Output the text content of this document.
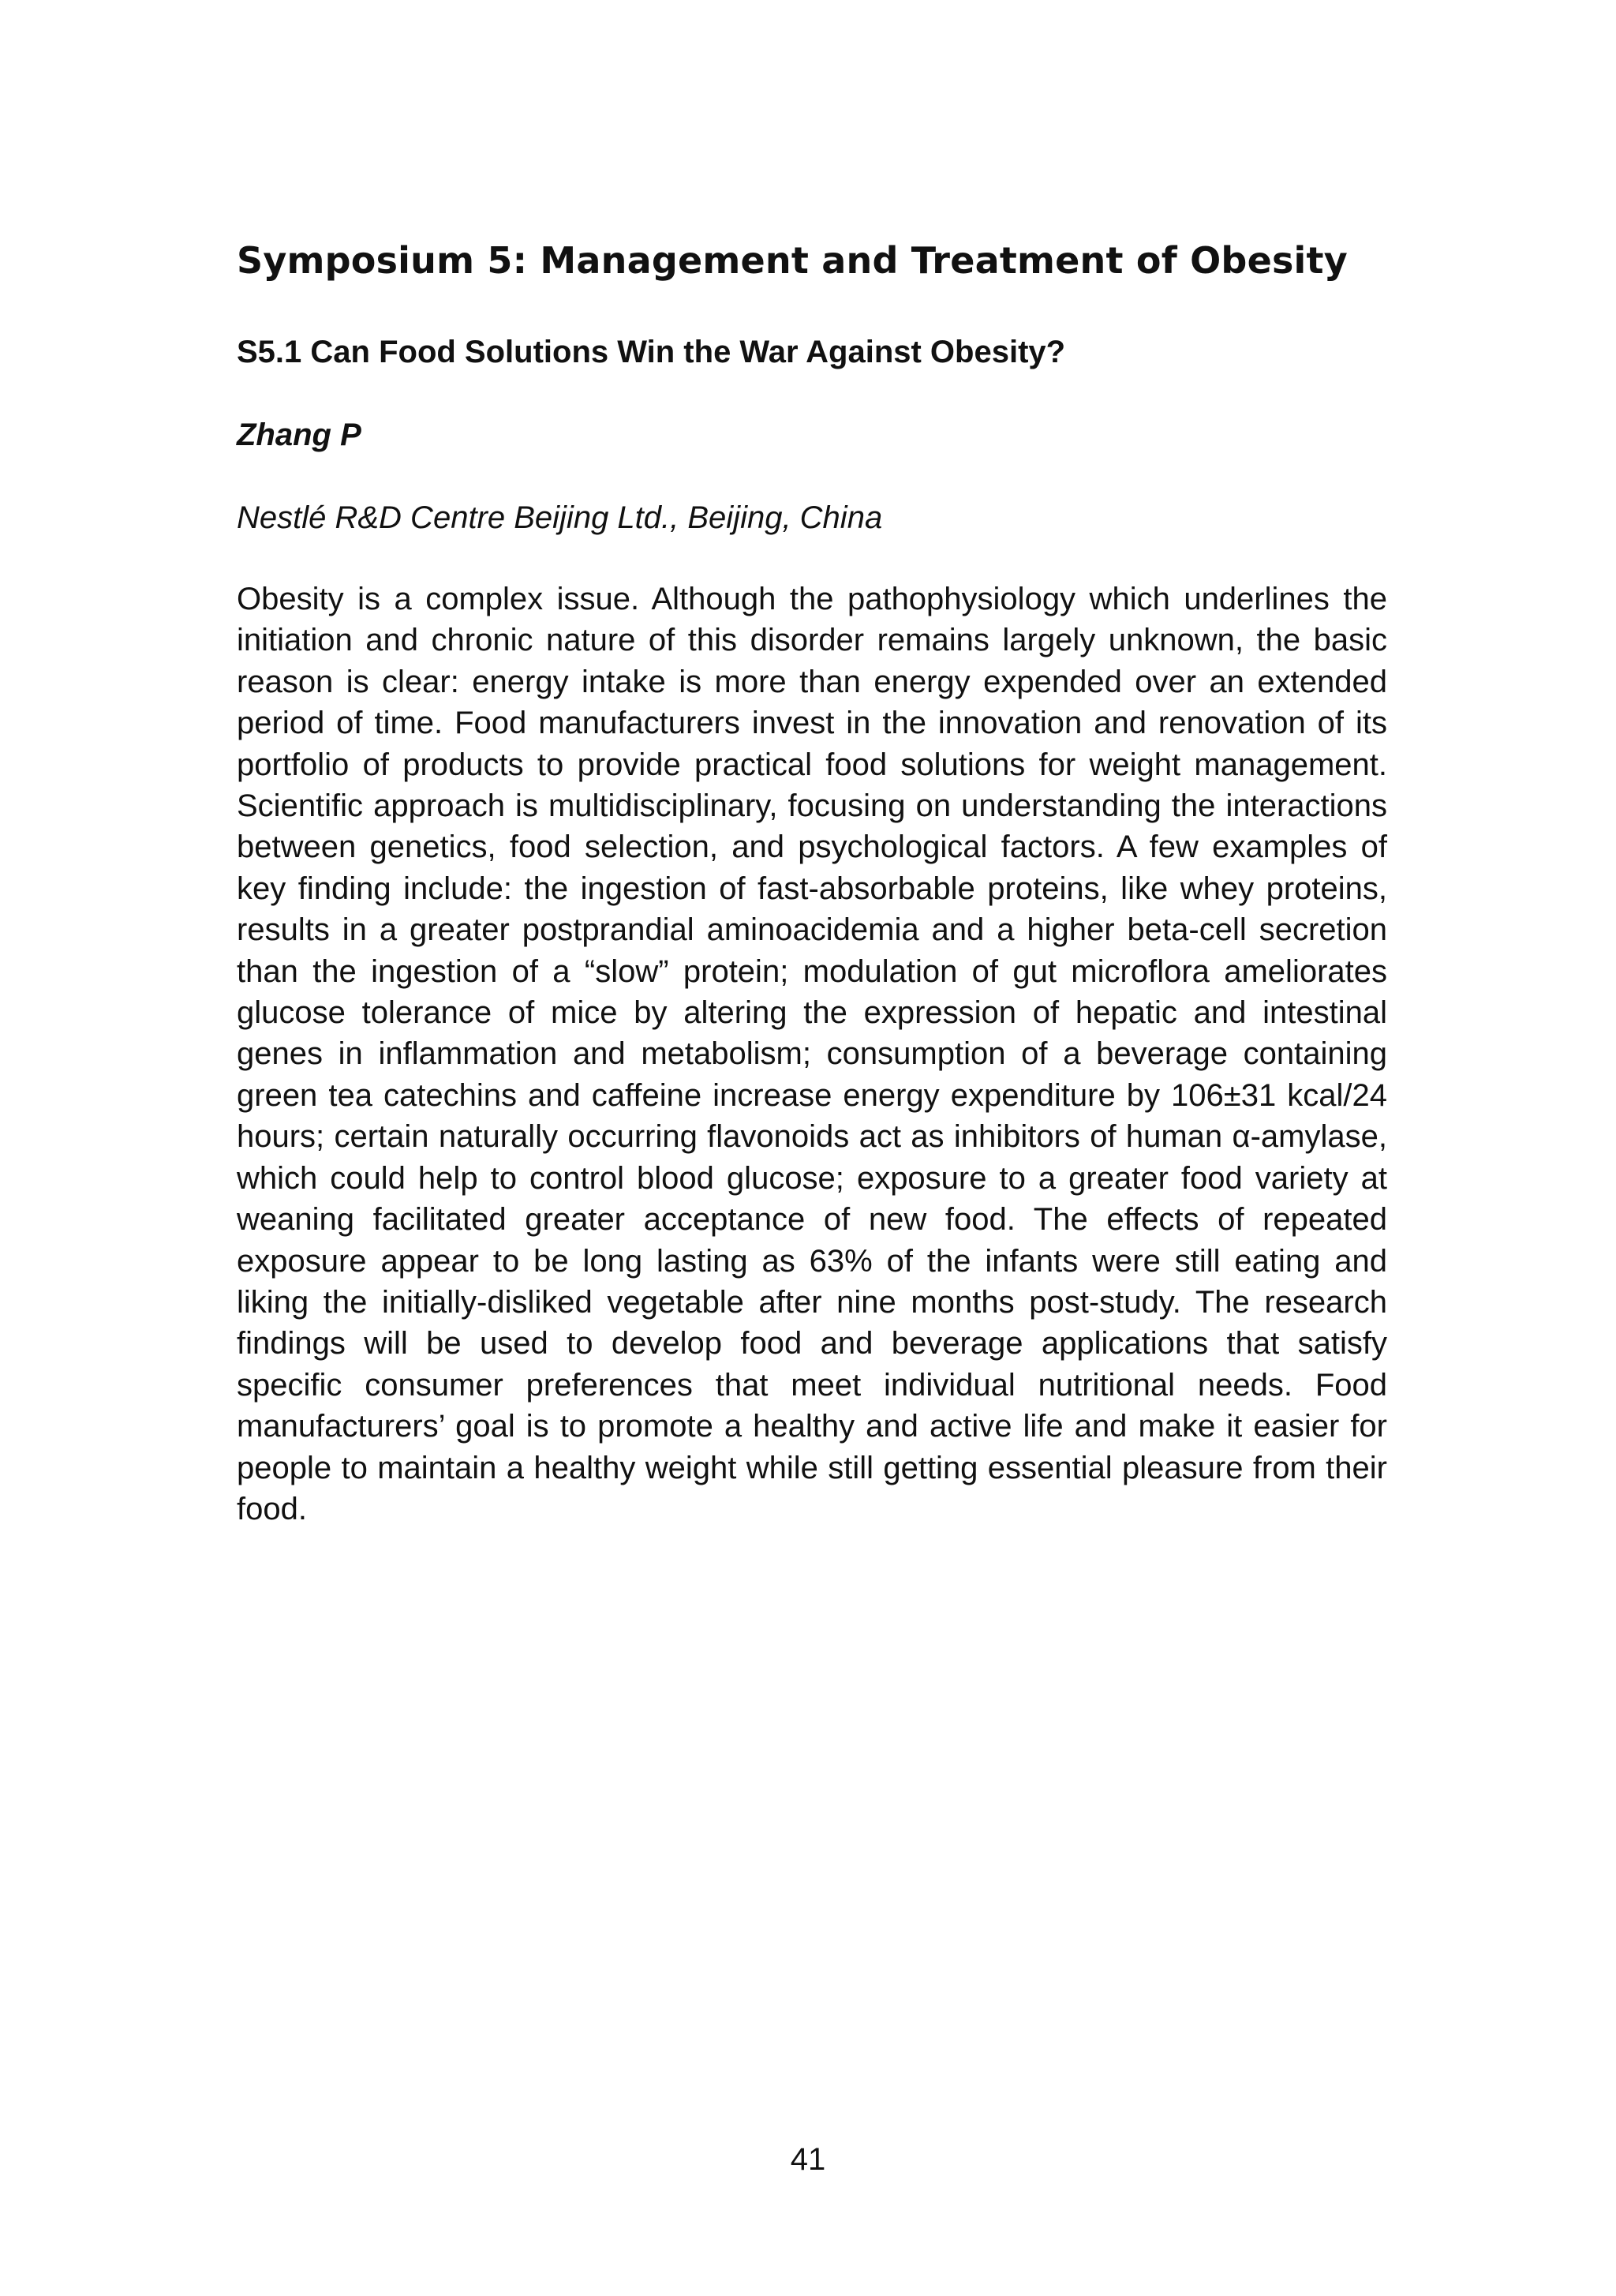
Symposium 5: Management and Treatment of Obesity
S5.1 Can Food Solutions Win the War Against Obesity?

Zhang P

Nestlé R&D Centre Beijing Ltd., Beijing, China

Obesity is a complex issue. Although the pathophysiology which underlines the initiation and chronic nature of this disorder remains largely unknown, the basic reason is clear: energy intake is more than energy expended over an extended period of time. Food manufacturers invest in the innovation and renovation of its portfolio of products to provide practical food solutions for weight management. Scientific approach is multidisciplinary, focusing on understanding the interactions between genetics, food selection, and psychological factors. A few examples of key finding include: the ingestion of fast-absorbable proteins, like whey proteins, results in a greater postprandial aminoacidemia and a higher beta-cell secretion than the ingestion of a “slow” protein; modulation of gut microflora ameliorates glucose tolerance of mice by altering the expression of hepatic and intestinal genes in inflammation and metabolism; consumption of a beverage containing green tea catechins and caffeine increase energy expenditure by 106±31 kcal/24 hours; certain naturally occurring flavonoids act as inhibitors of human α-amylase, which could help to control blood glucose; exposure to a greater food variety at weaning facilitated greater acceptance of new food. The effects of repeated exposure appear to be long lasting as 63% of the infants were still eating and liking the initially-disliked vegetable after nine months post-study. The research findings will be used to develop food and beverage applications that satisfy specific consumer preferences that meet individual nutritional needs. Food manufacturers’ goal is to promote a healthy and active life and make it easier for people to maintain a healthy weight while still getting essential pleasure from their food.

41
